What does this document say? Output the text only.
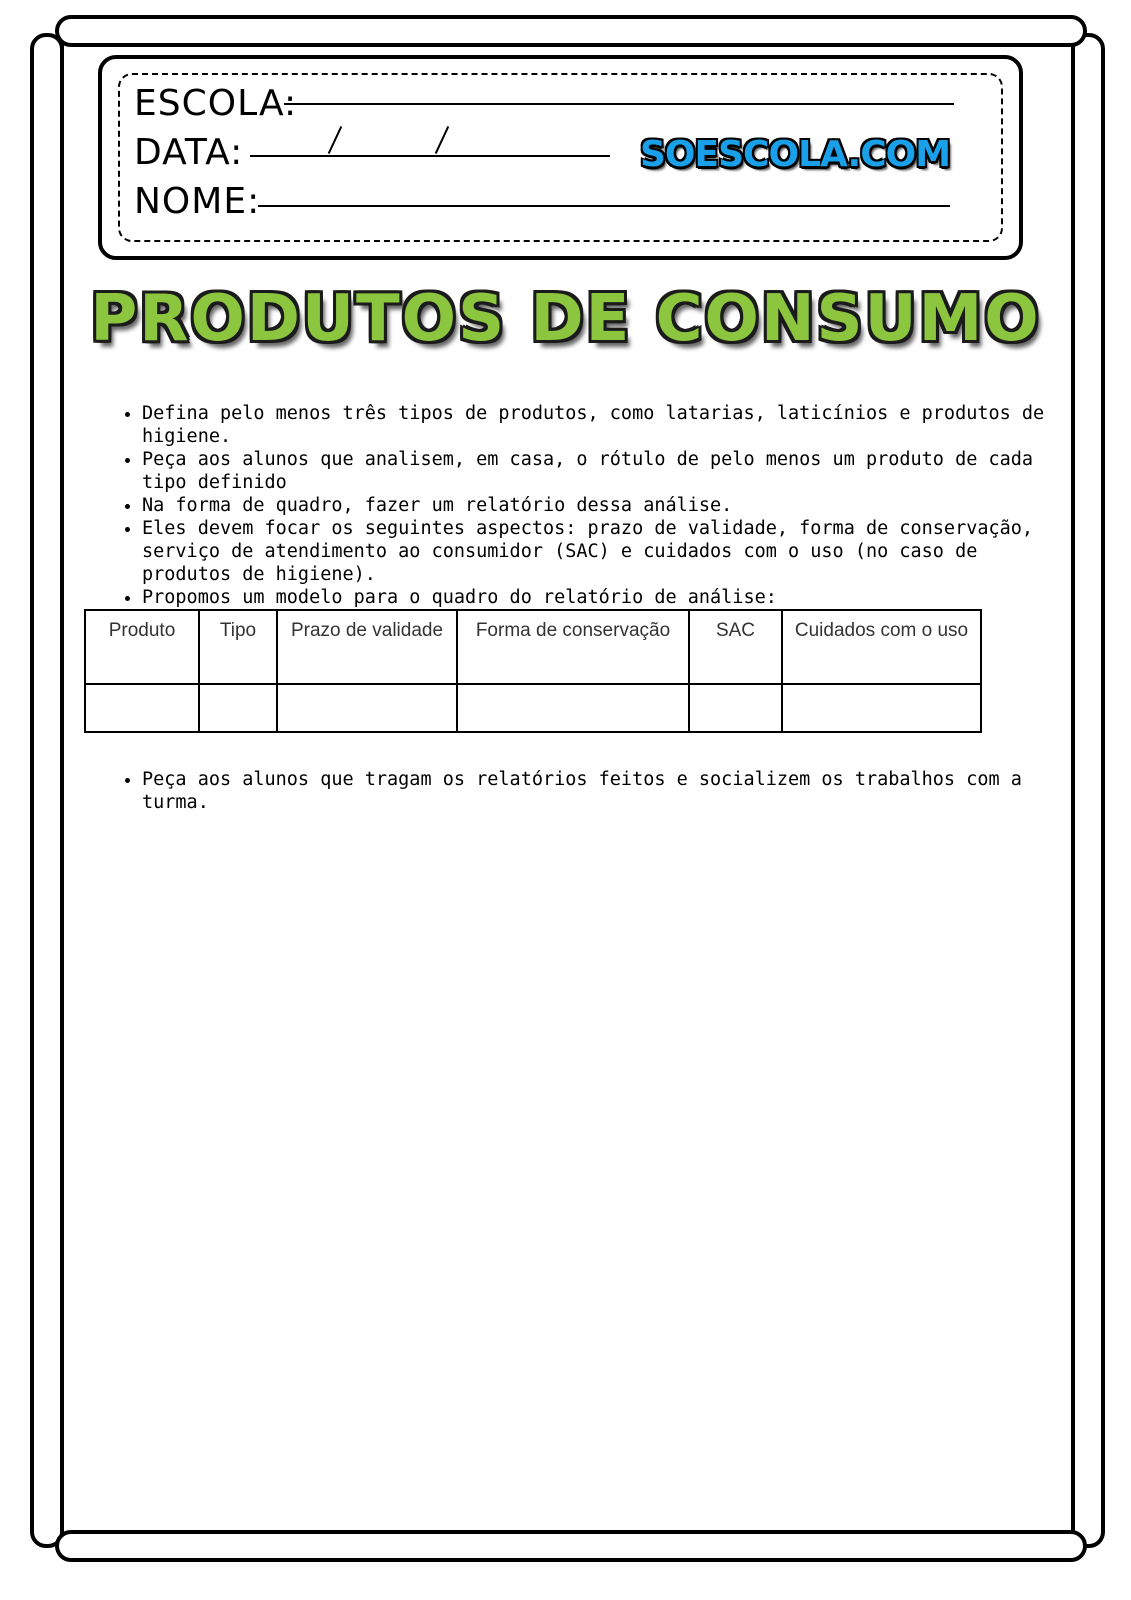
ESCOLA:
DATA:	SOESCOLA.COM
NOME:
PRODUTOS DE CONSUMO
• Defina pelo menos três tipos de produtos, como latarias, laticínios e produtos de higiene.
• Peça aos alunos que analisem, em casa, o rótulo de pelo menos um produto de cada tipo definido
• Na forma de quadro, fazer um relatório dessa análise.
• Eles devem focar os seguintes aspectos: prazo de validade, forma de conservação, serviço de atendimento ao consumidor (SAC) e cuidados com o uso (no caso de produtos de higiene).
• Propomos um modelo para o quadro do relatório de análise:
Produto	Tipo	Prazo de validade	Forma de conservação	SAC	Cuidados com o uso

• Peça aos alunos que tragam os relatórios feitos e socializem os trabalhos com a turma.
